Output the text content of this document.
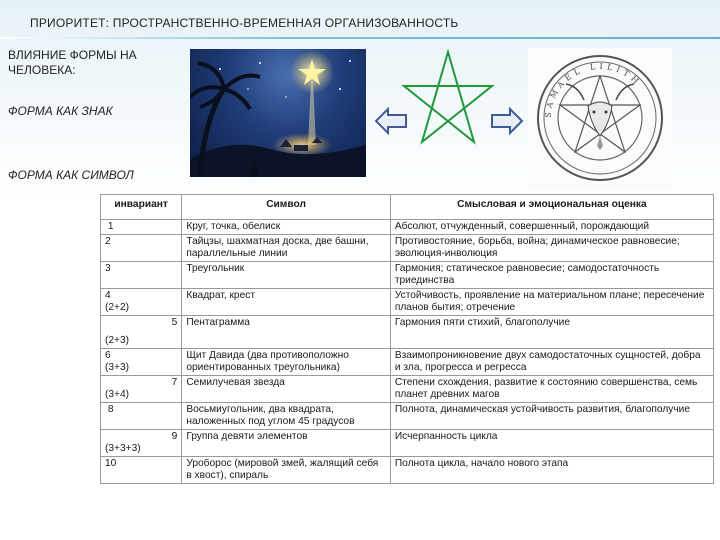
ПРИОРИТЕТ: ПРОСТРАНСТВЕННО-ВРЕМЕННАЯ ОРГАНИЗОВАННОСТЬ
ВЛИЯНИЕ ФОРМЫ НА ЧЕЛОВЕКА:
ФОРМА КАК ЗНАК
ФОРМА КАК СИМВОЛ
SAMAEL LILITH
инвариант	Символ	Смысловая и эмоциональная оценка
1	Круг, точка, обелиск	Абсолют, отчужденный, совершенный, порождающий
2	Тайцзы, шахматная доска, две башни, параллельные линии	Противостояние, борьба, война; динамическое равновесие; эволюция-инволюция
3	Треугольник	Гармония; статическое равновесие; самодостаточность триединства

4
(2+2)	Квадрат, крест	Устойчивость, проявление на материальном плане; пересечение планов бытия; отречение

5
(2+3)	Пентаграмма	Гармония пяти стихий, благополучие

6
(3+3)	Щит Давида (два противоположно ориентированных треугольника)	Взаимопроникновение двух самодостаточных сущностей, добра и зла, прогресса и регресса

7
(3+4)	Семилучевая звезда	Степени схождения, развитие к состоянию совершенства, семь планет древних магов
8	Восьмиугольник, два квадрата, наложенных под углом 45 градусов	Полнота, динамическая устойчивость развития, благополучие

9
(3+3+3)	Группа девяти элементов	Исчерпанность цикла
10	Уроборос (мировой змей, жалящий себя в хвост), спираль	Полнота цикла, начало нового этапа
